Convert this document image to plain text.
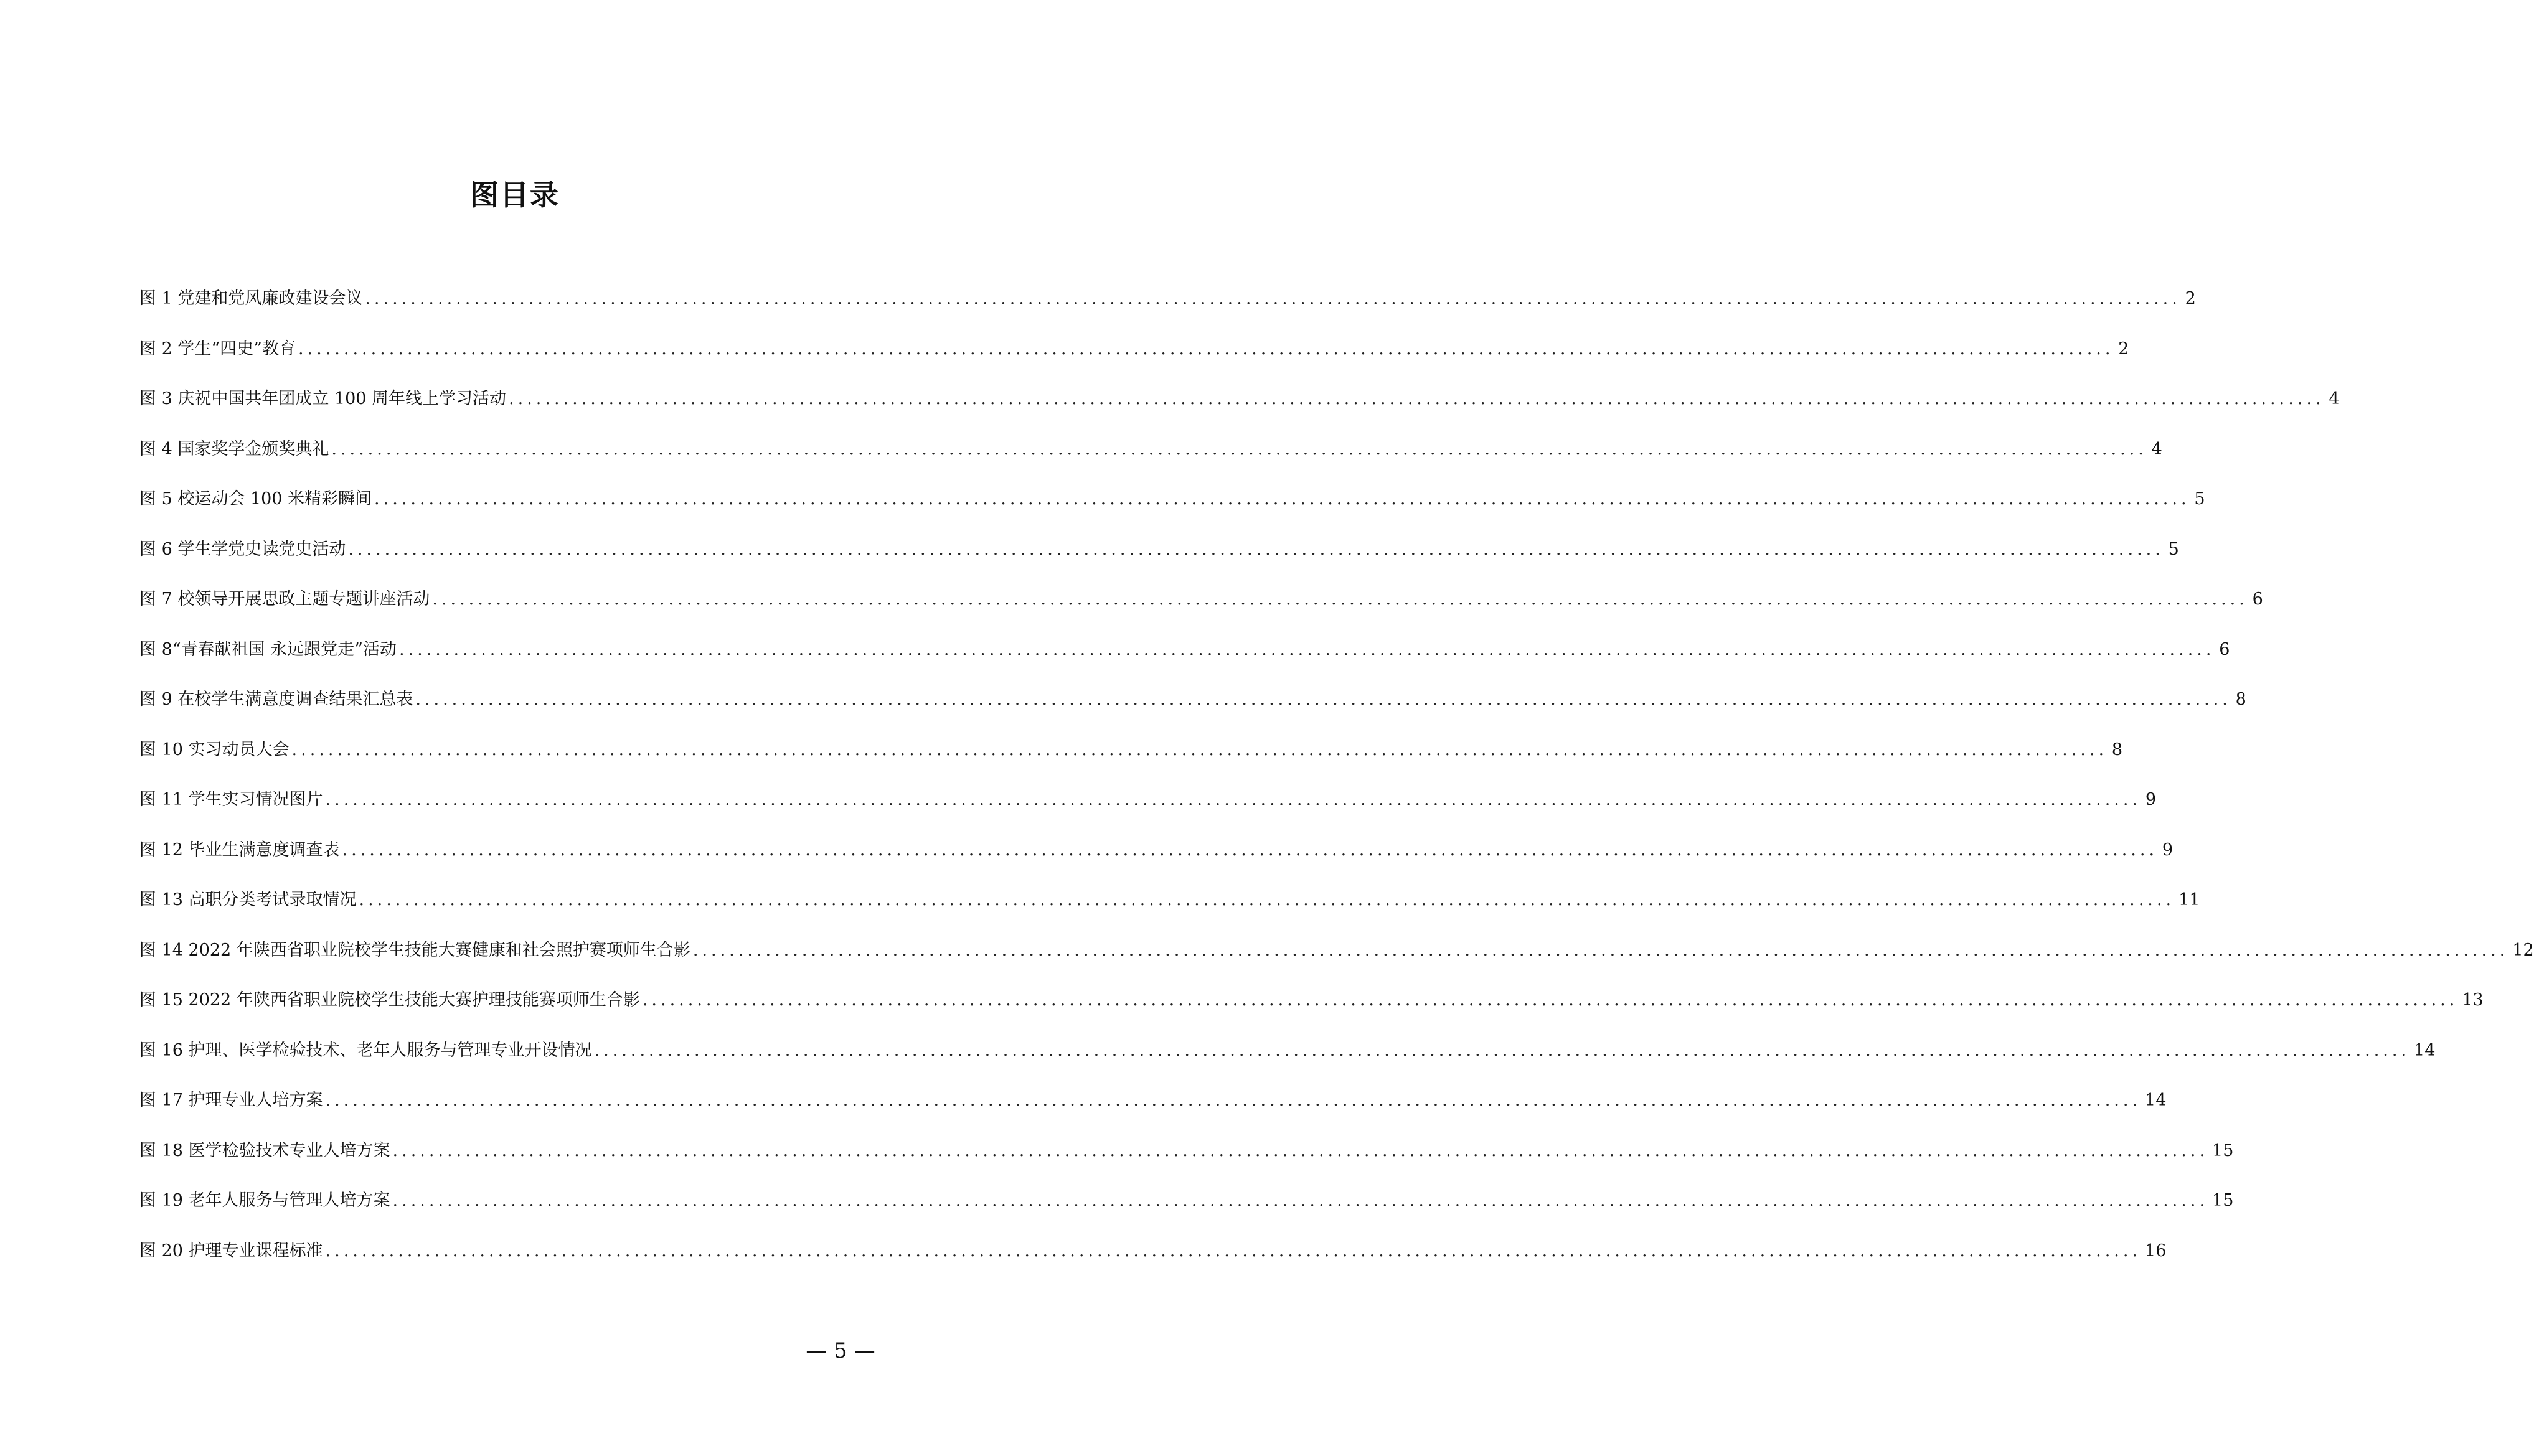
图目录
图 1 党建和党风廉政建设会议 ........................................................................................................................................................................................................ 2
图 2 学生“四史”教育 ........................................................................................................................................................................................................ 2
图 3 庆祝中国共年团成立 100 周年线上学习活动 ........................................................................................................................................................................................................ 4
图 4 国家奖学金颁奖典礼 ........................................................................................................................................................................................................ 4
图 5 校运动会 100 米精彩瞬间 ........................................................................................................................................................................................................ 5
图 6 学生学党史读党史活动 ........................................................................................................................................................................................................ 5
图 7 校领导开展思政主题专题讲座活动 ........................................................................................................................................................................................................ 6
图 8“青春献祖国 永远跟党走”活动 ........................................................................................................................................................................................................ 6
图 9 在校学生满意度调查结果汇总表 ........................................................................................................................................................................................................ 8
图 10 实习动员大会 ........................................................................................................................................................................................................ 8
图 11 学生实习情况图片 ........................................................................................................................................................................................................ 9
图 12 毕业生满意度调查表 ........................................................................................................................................................................................................ 9
图 13 高职分类考试录取情况 ........................................................................................................................................................................................................ 11
图 14 2022 年陕西省职业院校学生技能大赛健康和社会照护赛项师生合影 ........................................................................................................................................................................................................ 12
图 15 2022 年陕西省职业院校学生技能大赛护理技能赛项师生合影 ........................................................................................................................................................................................................ 13
图 16 护理、医学检验技术、老年人服务与管理专业开设情况 ........................................................................................................................................................................................................ 14
图 17 护理专业人培方案 ........................................................................................................................................................................................................ 14
图 18 医学检验技术专业人培方案 ........................................................................................................................................................................................................ 15
图 19 老年人服务与管理人培方案 ........................................................................................................................................................................................................ 15
图 20 护理专业课程标准 ........................................................................................................................................................................................................ 16
— 5 —
